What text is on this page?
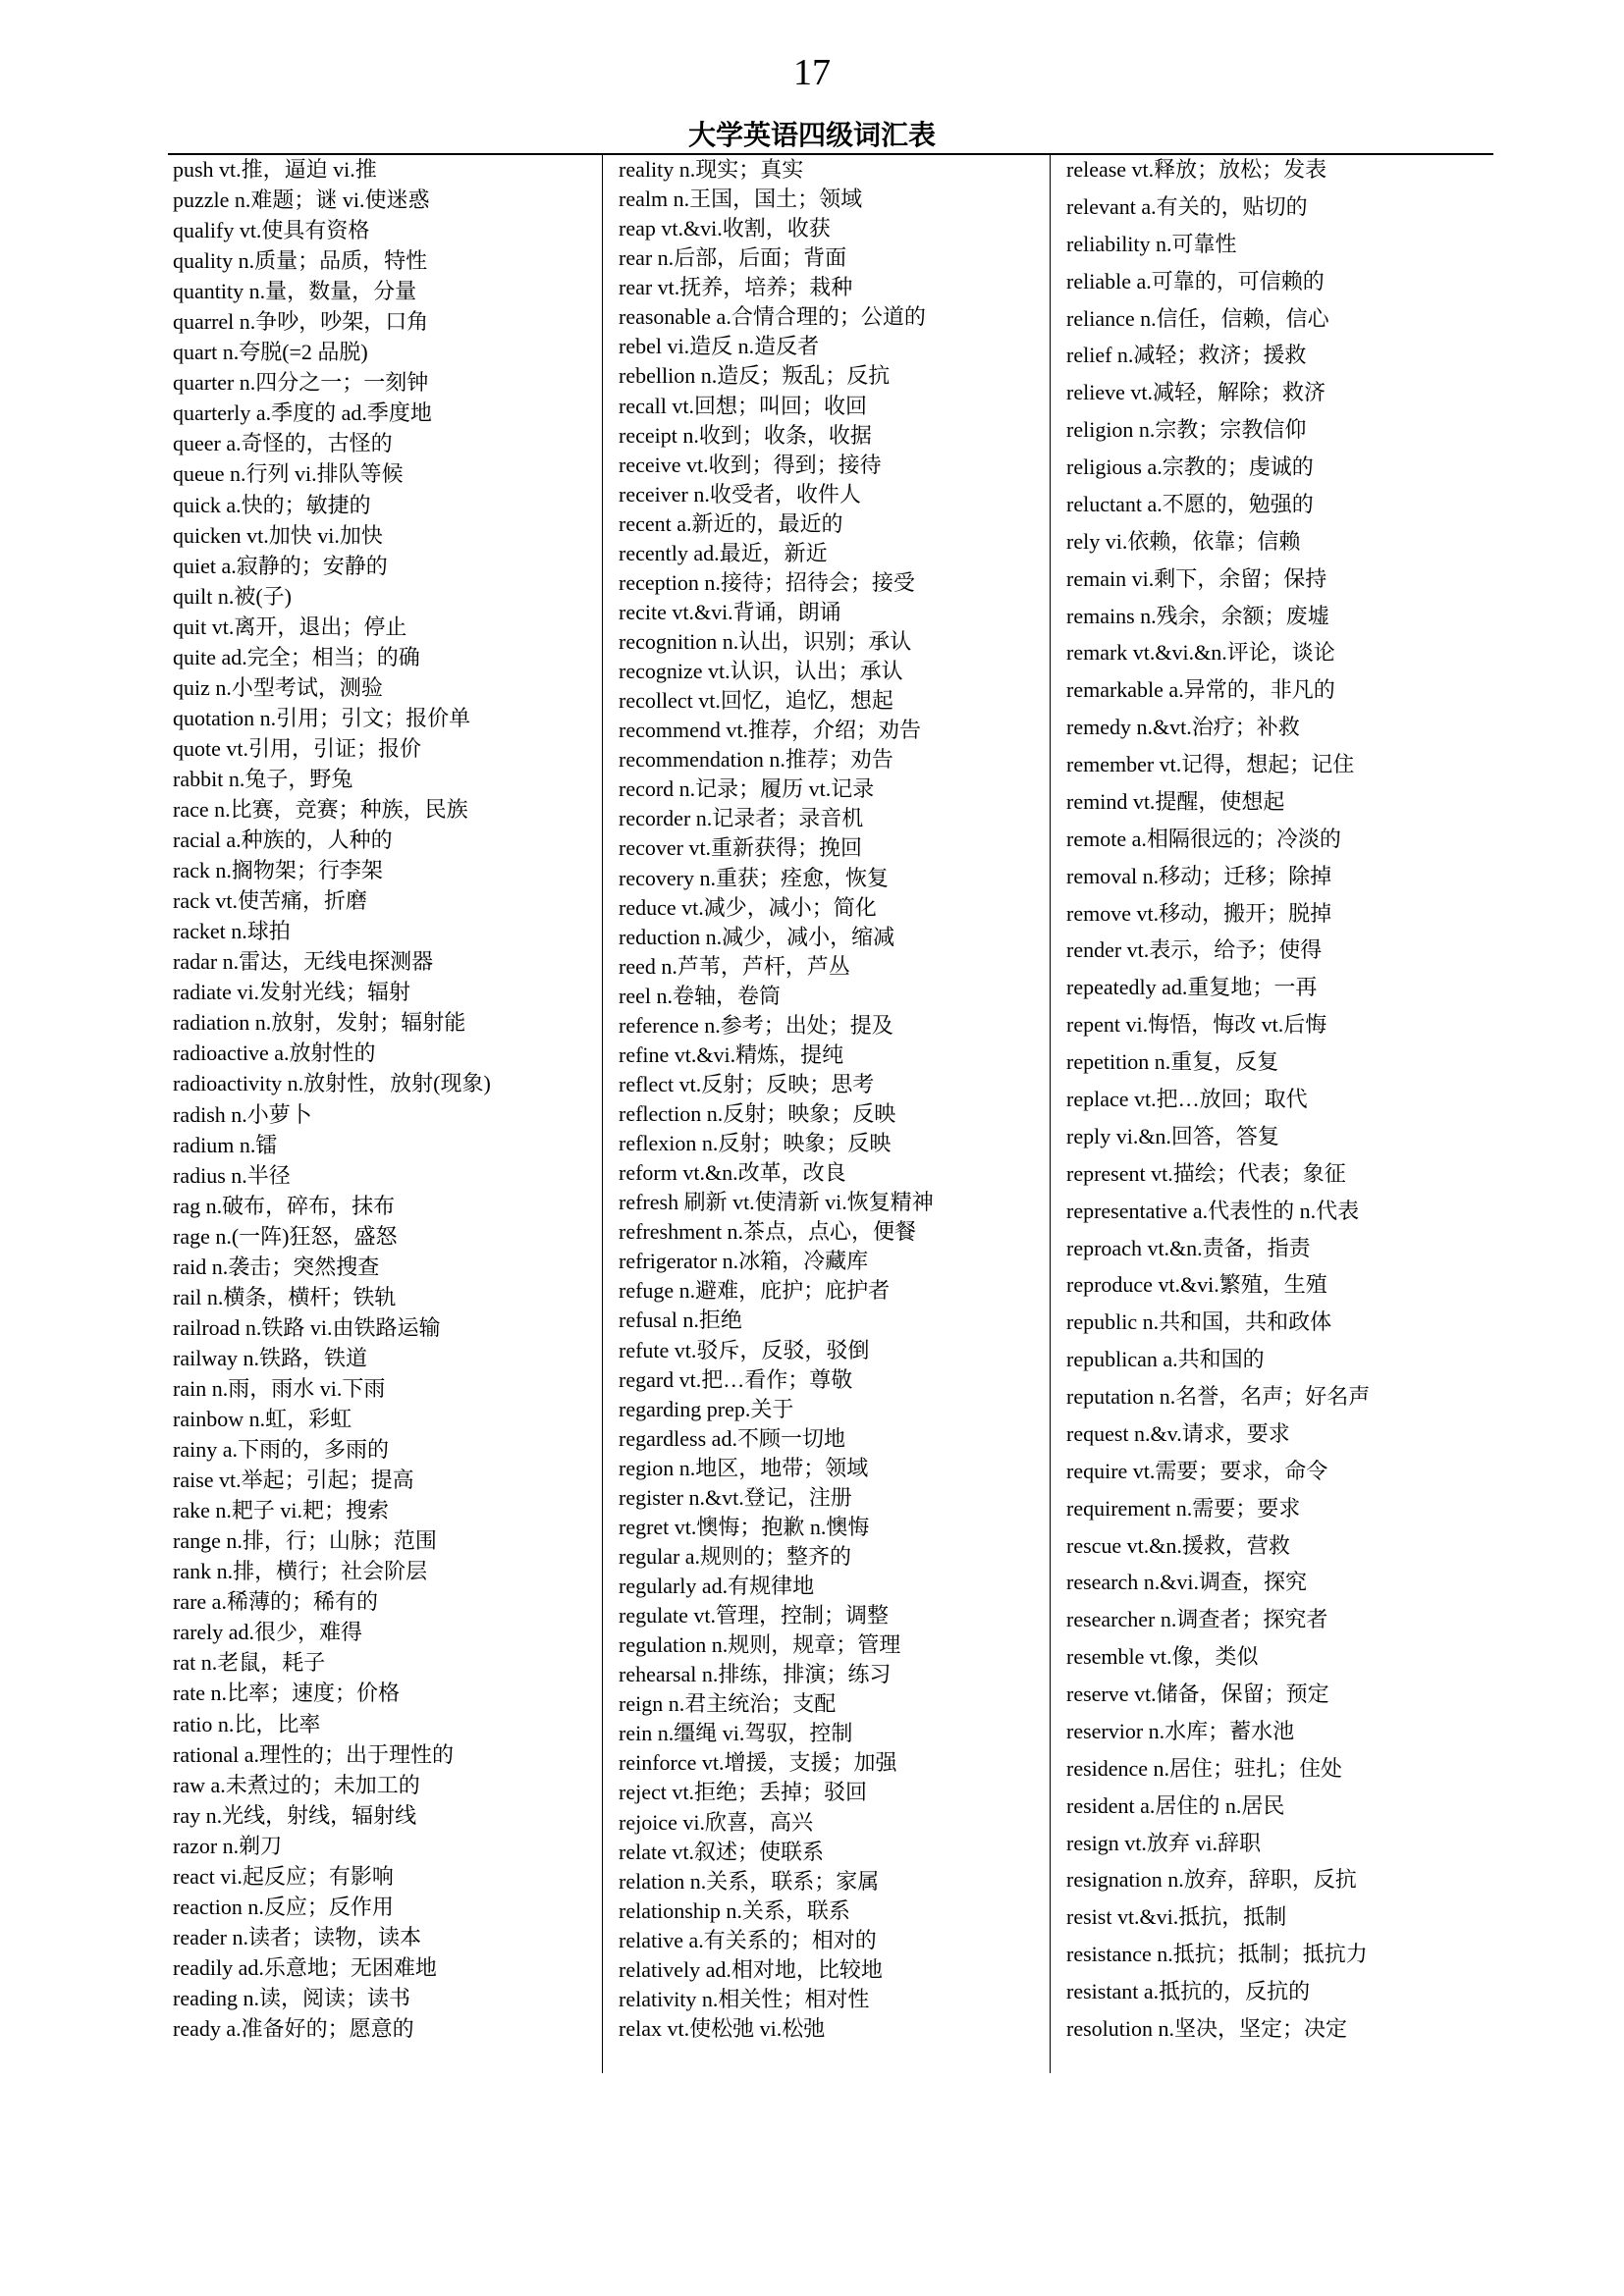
17
大学英语四级词汇表
push vt.推，逼迫 vi.推
puzzle n.难题；谜 vi.使迷惑
qualify vt.使具有资格
quality n.质量；品质，特性
quantity n.量，数量，分量
quarrel n.争吵，吵架，口角
quart n.夸脱(=2 品脱)
quarter n.四分之一；一刻钟
quarterly a.季度的 ad.季度地
queer a.奇怪的，古怪的
queue n.行列 vi.排队等候
quick a.快的；敏捷的
quicken vt.加快 vi.加快
quiet a.寂静的；安静的
quilt n.被(子)
quit vt.离开，退出；停止
quite ad.完全；相当；的确
quiz n.小型考试，测验
quotation n.引用；引文；报价单
quote vt.引用，引证；报价
rabbit n.兔子，野兔
race n.比赛，竞赛；种族，民族
racial a.种族的，人种的
rack n.搁物架；行李架
rack vt.使苦痛，折磨
racket n.球拍
radar n.雷达，无线电探测器
radiate vi.发射光线；辐射
radiation n.放射，发射；辐射能
radioactive a.放射性的
radioactivity n.放射性，放射(现象)
radish n.小萝卜
radium n.镭
radius n.半径
rag n.破布，碎布，抹布
rage n.(一阵)狂怒，盛怒
raid n.袭击；突然搜查
rail n.横条，横杆；铁轨
railroad n.铁路 vi.由铁路运输
railway n.铁路，铁道
rain n.雨，雨水 vi.下雨
rainbow n.虹，彩虹
rainy a.下雨的，多雨的
raise vt.举起；引起；提高
rake n.耙子 vi.耙；搜索
range n.排，行；山脉；范围
rank n.排，横行；社会阶层
rare a.稀薄的；稀有的
rarely ad.很少，难得
rat n.老鼠，耗子
rate n.比率；速度；价格
ratio n.比，比率
rational a.理性的；出于理性的
raw a.未煮过的；未加工的
ray n.光线，射线，辐射线
razor n.剃刀
react vi.起反应；有影响
reaction n.反应；反作用
reader n.读者；读物，读本
readily ad.乐意地；无困难地
reading n.读，阅读；读书
ready a.准备好的；愿意的
reality n.现实；真实
realm n.王国，国土；领域
reap vt.&vi.收割，收获
rear n.后部，后面；背面
rear vt.抚养，培养；栽种
reasonable a.合情合理的；公道的
rebel vi.造反 n.造反者
rebellion n.造反；叛乱；反抗
recall vt.回想；叫回；收回
receipt n.收到；收条，收据
receive vt.收到；得到；接待
receiver n.收受者，收件人
recent a.新近的，最近的
recently ad.最近，新近
reception n.接待；招待会；接受
recite vt.&vi.背诵，朗诵
recognition n.认出，识别；承认
recognize vt.认识，认出；承认
recollect vt.回忆，追忆，想起
recommend vt.推荐，介绍；劝告
recommendation n.推荐；劝告
record n.记录；履历 vt.记录
recorder n.记录者；录音机
recover vt.重新获得；挽回
recovery n.重获；痊愈，恢复
reduce vt.减少，减小；简化
reduction n.减少，减小，缩减
reed n.芦苇，芦杆，芦丛
reel n.卷轴，卷筒
reference n.参考；出处；提及
refine vt.&vi.精炼，提纯
reflect vt.反射；反映；思考
reflection n.反射；映象；反映
reflexion n.反射；映象；反映
reform vt.&n.改革，改良
refresh 刷新 vt.使清新 vi.恢复精神
refreshment n.茶点，点心，便餐
refrigerator n.冰箱，冷藏库
refuge n.避难，庇护；庇护者
refusal n.拒绝
refute vt.驳斥，反驳，驳倒
regard vt.把…看作；尊敬
regarding prep.关于
regardless ad.不顾一切地
region n.地区，地带；领域
register n.&vt.登记，注册
regret vt.懊悔；抱歉 n.懊悔
regular a.规则的；整齐的
regularly ad.有规律地
regulate vt.管理，控制；调整
regulation n.规则，规章；管理
rehearsal n.排练，排演；练习
reign n.君主统治；支配
rein n.缰绳 vi.驾驭，控制
reinforce vt.增援，支援；加强
reject vt.拒绝；丢掉；驳回
rejoice vi.欣喜，高兴
relate vt.叙述；使联系
relation n.关系，联系；家属
relationship n.关系，联系
relative a.有关系的；相对的
relatively ad.相对地，比较地
relativity n.相关性；相对性
relax vt.使松弛 vi.松弛
release vt.释放；放松；发表
relevant a.有关的，贴切的
reliability n.可靠性
reliable a.可靠的，可信赖的
reliance n.信任，信赖，信心
relief n.减轻；救济；援救
relieve vt.减轻，解除；救济
religion n.宗教；宗教信仰
religious a.宗教的；虔诚的
reluctant a.不愿的，勉强的
rely vi.依赖，依靠；信赖
remain vi.剩下，余留；保持
remains n.残余，余额；废墟
remark vt.&vi.&n.评论，谈论
remarkable a.异常的，非凡的
remedy n.&vt.治疗；补救
remember vt.记得，想起；记住
remind vt.提醒，使想起
remote a.相隔很远的；冷淡的
removal n.移动；迁移；除掉
remove vt.移动，搬开；脱掉
render vt.表示，给予；使得
repeatedly ad.重复地；一再
repent vi.悔悟，悔改 vt.后悔
repetition n.重复，反复
replace vt.把…放回；取代
reply vi.&n.回答，答复
represent vt.描绘；代表；象征
representative a.代表性的 n.代表
reproach vt.&n.责备，指责
reproduce vt.&vi.繁殖，生殖
republic n.共和国，共和政体
republican a.共和国的
reputation n.名誉，名声；好名声
request n.&v.请求，要求
require vt.需要；要求，命令
requirement n.需要；要求
rescue vt.&n.援救，营救
research n.&vi.调查，探究
researcher n.调查者；探究者
resemble vt.像，类似
reserve vt.储备，保留；预定
reservior n.水库；蓄水池
residence n.居住；驻扎；住处
resident a.居住的 n.居民
resign vt.放弃 vi.辞职
resignation n.放弃，辞职，反抗
resist vt.&vi.抵抗，抵制
resistance n.抵抗；抵制；抵抗力
resistant a.抵抗的，反抗的
resolution n.坚决，坚定；决定
